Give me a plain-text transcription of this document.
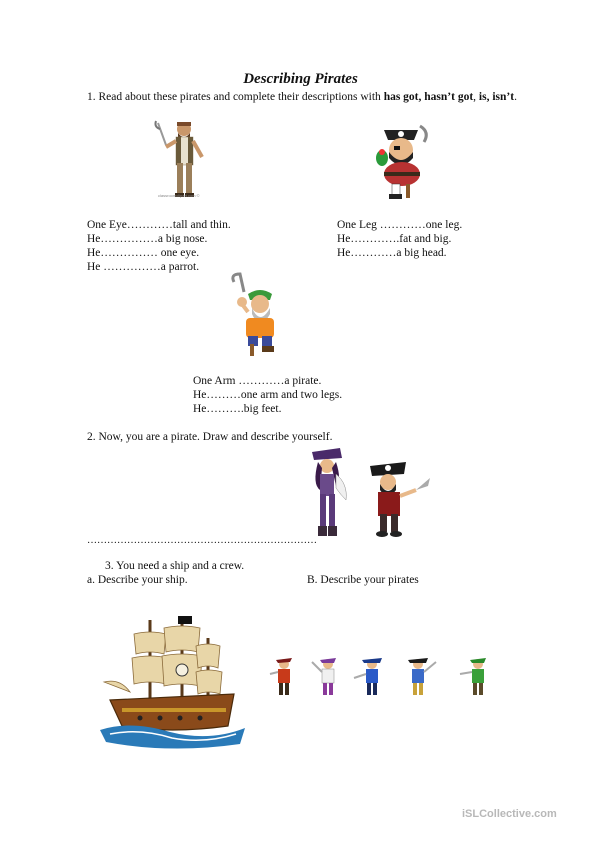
Describing Pirates
1. Read about these pirates and complete their descriptions with has got, hasn’t got, is, isn’t.
classroomclipart.com ©
One Eye…………tall and thin.
He……………a big nose.
He…………… one eye.
He ……………a parrot.
One Leg …………one leg.
He………….fat and big.
He…………a big head.
One Arm …………a pirate.
He………one arm and two legs.
He……….big feet.
2. Now, you are a pirate. Draw and describe yourself.
……………………………………………………………
3. You need a ship and a crew.
a. Describe your ship.	B. Describe your pirates
iSLCollective.com
